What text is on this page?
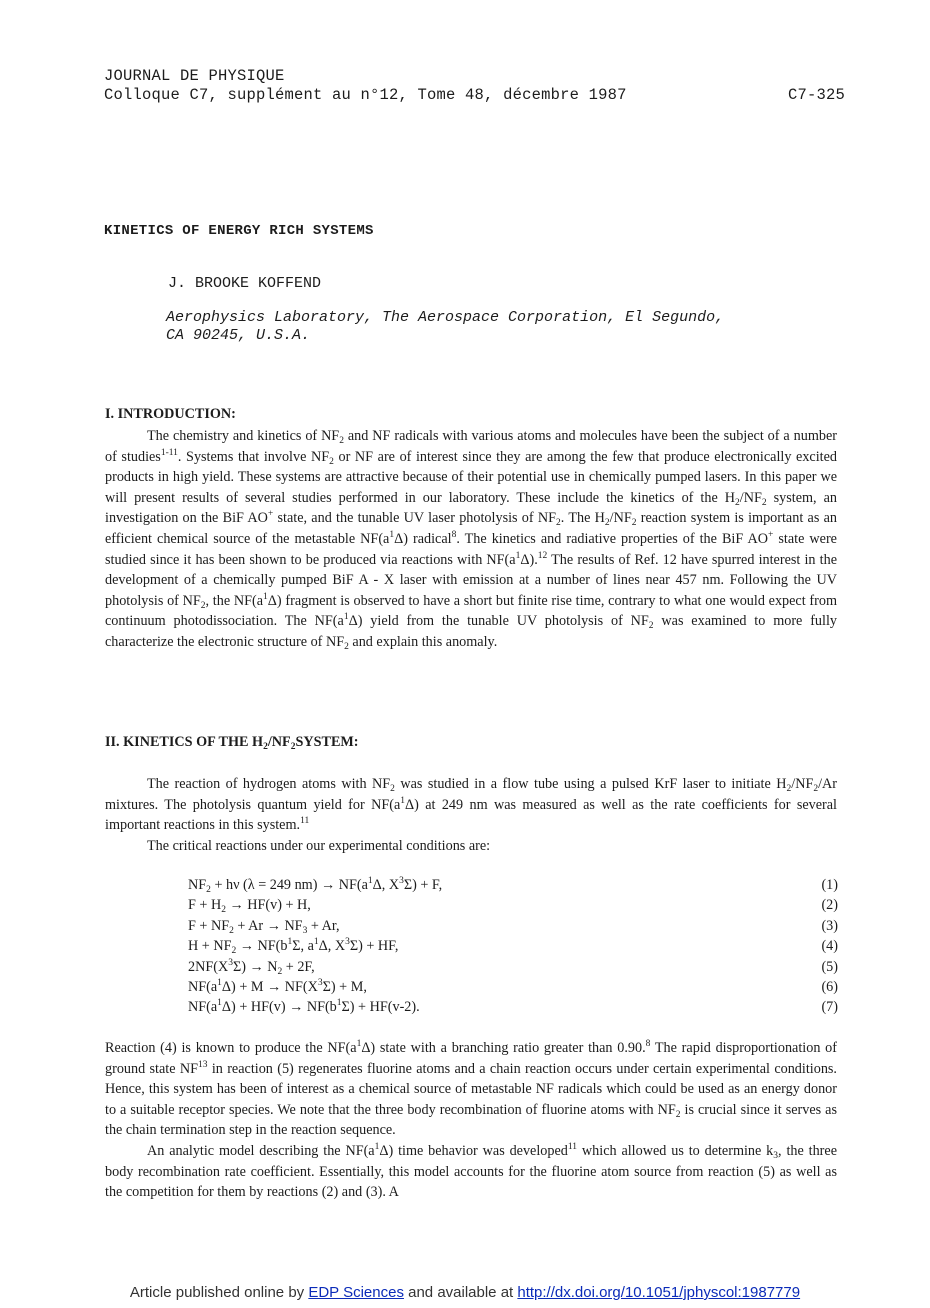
JOURNAL DE PHYSIQUE
Colloque C7, supplément au n°12, Tome 48, décembre 1987	C7-325
KINETICS OF ENERGY RICH SYSTEMS
J. BROOKE KOFFEND
Aerophysics Laboratory, The Aerospace Corporation, El Segundo,
CA 90245, U.S.A.
I. INTRODUCTION:

The chemistry and kinetics of $NF_2$ and NF radicals with various atoms and molecules have been the subject of a number of studies$^{1-11}$. Systems that involve $NF_2$ or NF are of interest since they are among the few that produce electronically excited products in high yield. These systems are attractive because of their potential use in chemically pumped lasers. In this paper we will present results of several studies performed in our laboratory. These include the kinetics of the $H_2/NF_2$ system, an investigation on the BiF AO+ state, and the tunable UV laser photolysis of $NF_2$. The $H_2/NF_2$ reaction system is important as an efficient chemical source of the metastable $NF(a^1\Delta)$ radical$^8$. The kinetics and radiative properties of the BiF AO+ state were studied since it has been shown to be produced via reactions with $NF(a^1\Delta).^{12}$ The results of Ref. 12 have spurred interest in the development of a chemically pumped BiF A - X laser with emission at a number of lines near 457 nm. Following the UV photolysis of $NF_2$, the $NF(a^1\Delta)$ fragment is observed to have a short but finite rise time, contrary to what one would expect from continuum photodissociation. The $NF(a^1\Delta)$ yield from the tunable UV photolysis of $NF_2$ was examined to more fully characterize the electronic structure of $NF_2$ and explain this anomaly.

II. KINETICS OF THE $H_2/NF_2SYSTEM$:

The reaction of hydrogen atoms with $NF_2$ was studied in a flow tube using a pulsed KrF laser to initiate $H_2/NF_2/Ar$ mixtures. The photolysis quantum yield for $NF(a^1\Delta)$ at 249 nm was measured as well as the rate coefficients for several important reactions in this system.$^{11}$

The critical reactions under our experimental conditions are:

$NF_2 + h\nu$ (λ = 249 $nm) \to NF(a^1\Delta$, $X^3\Sigma) + F$,	(1)
$F + H_2 \to HF(v) + H$,	(2)
$F + NF_2 + Ar \to NF_3 + Ar$,	(3)
$H + NF_2 \to NF(b^1\Sigma$, $a^1\Delta$, $X^3\Sigma$) + HF,	(4)
$2NF(X^3\Sigma) \to N_2 + 2F$,	(5)
$NF(a^1\Delta) + M \to NF(X^3\Sigma) + M$,	(6)
$NF(a^1\Delta) + HF(v) \to NF(b^1\Sigma) + HF(v-2)$.	(7)

Reaction (4) is known to produce the $NF(a^1\Delta)$ state with a branching ratio greater than 0.90.$^8$ The rapid disproportionation of ground state NF$^{13}$ in reaction (5) regenerates fluorine atoms and a chain reaction occurs under certain experimental conditions. Hence, this system has been of interest as a chemical source of metastable NF radicals which could be used as an energy donor to a suitable receptor species. We note that the three body recombination of fluorine atoms with $NF_2$ is crucial since it serves as the chain termination step in the reaction sequence.

An analytic model describing the $NF(a^1\Delta)$ time behavior was developed$^{11}$ which allowed us to determine $k_3$, the three body recombination rate coefficient. Essentially, this model accounts for the fluorine atom source from reaction (5) as well as the competition for them by reactions (2) and (3). A

Article published online by EDP Sciences and available at http://dx.doi.org/10.1051/jphyscol:1987779
